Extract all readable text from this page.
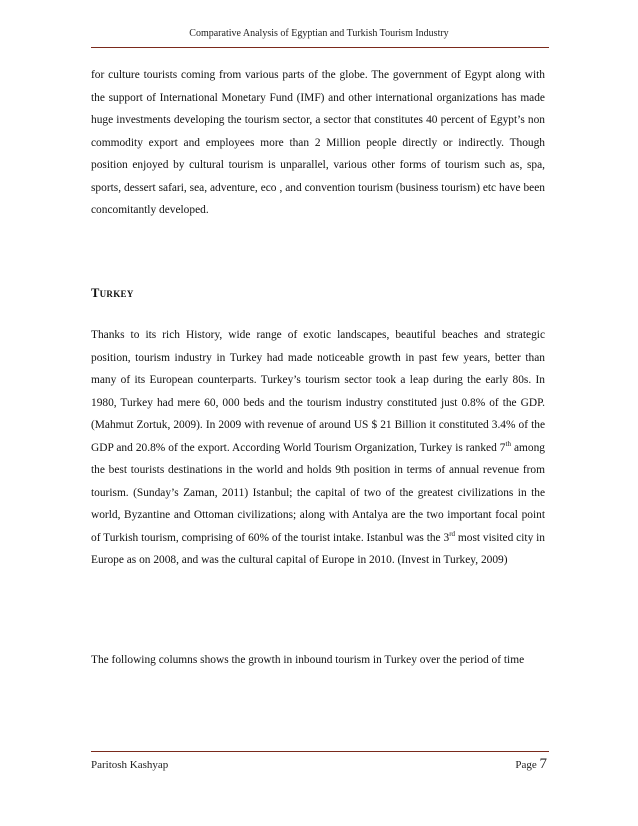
Comparative Analysis of Egyptian and Turkish Tourism Industry

for culture tourists coming from various parts of the globe. The government of Egypt along with the support of International Monetary Fund (IMF) and other international organizations has made huge investments developing the tourism sector, a sector that constitutes 40 percent of Egypt’s non commodity export and employees more than 2 Million people directly or indirectly. Though position enjoyed by cultural tourism is unparallel, various other forms of tourism such as, spa, sports, dessert safari, sea, adventure, eco , and convention tourism (business tourism) etc have been concomitantly developed.

Turkey

Thanks to its rich History, wide range of exotic landscapes, beautiful beaches and strategic position, tourism industry in Turkey had made noticeable growth in past few years, better than many of its European counterparts. Turkey’s tourism sector took a leap during the early 80s. In 1980, Turkey had mere 60, 000 beds and the tourism industry constituted just 0.8% of the GDP. (Mahmut Zortuk, 2009). In 2009 with revenue of around US $ 21 Billion it constituted 3.4% of the GDP and 20.8% of the export. According World Tourism Organization, Turkey is ranked 7th among the best tourists destinations in the world and holds 9th position in terms of annual revenue from tourism. (Sunday’s Zaman, 2011) Istanbul; the capital of two of the greatest civilizations in the world, Byzantine and Ottoman civilizations; along with Antalya are the two important focal point of Turkish tourism, comprising of 60% of the tourist intake. Istanbul was the 3rd most visited city in Europe as on 2008, and was the cultural capital of Europe in 2010. (Invest in Turkey, 2009)

The following columns shows the growth in inbound tourism in Turkey over the period of time

Paritosh Kashyap	Page 7
